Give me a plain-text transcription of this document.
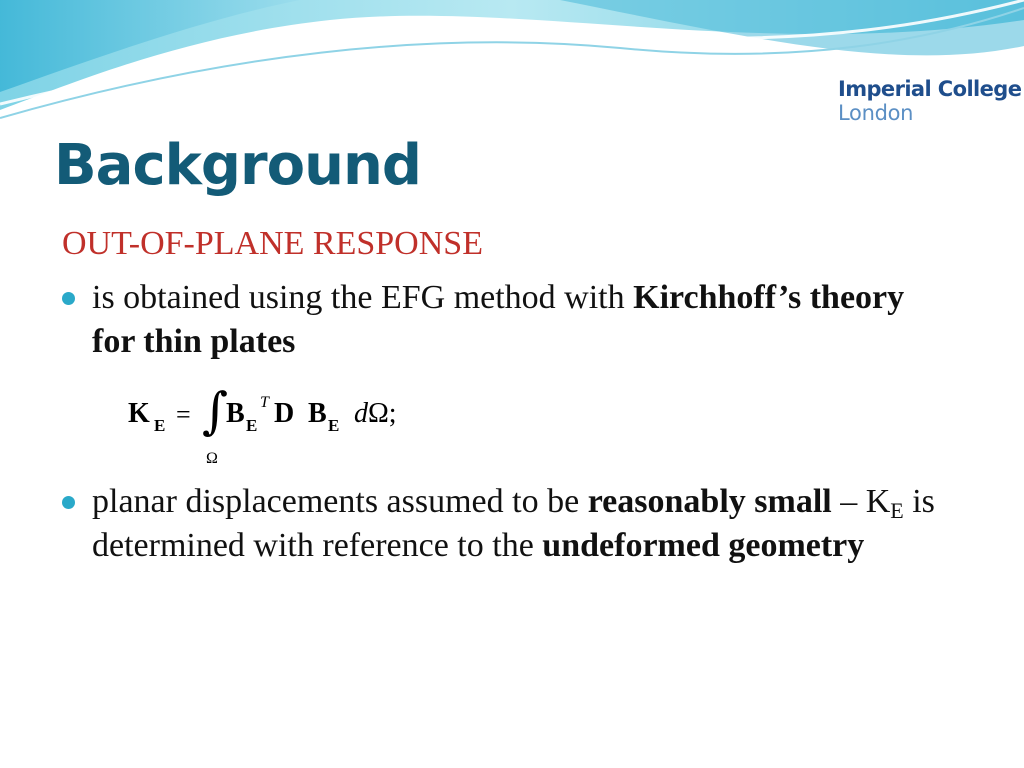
Imperial College
London
Background
OUT-OF-PLANE RESPONSE
is obtained using the EFG method with Kirchhoff’s theory for thin plates
K E = ∫
Ω
B E
T D B E dΩ;
planar displacements assumed to be reasonably small – $K_E$ is determined with reference to the undeformed geometry
